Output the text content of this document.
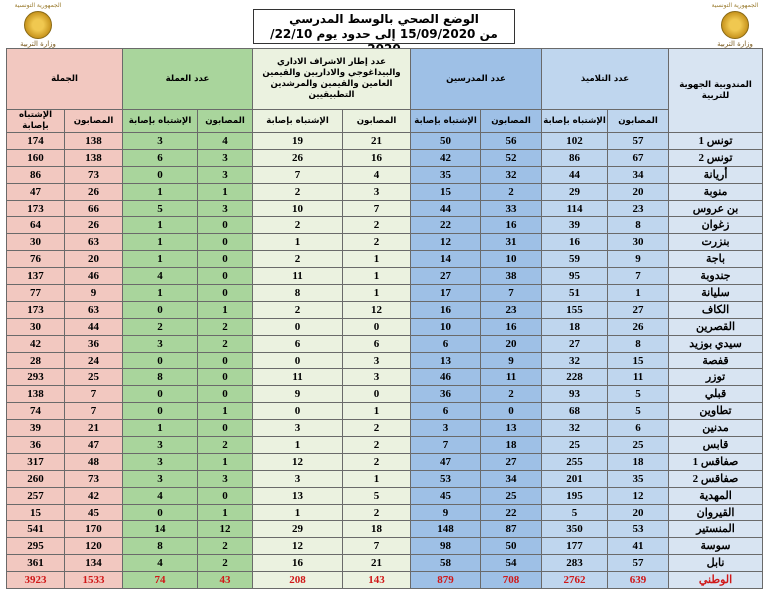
الجمهورية التونسية
وزارة التربية
الجمهورية التونسية
وزارة التربية
الوضع الصحي بالوسط المدرسي
من 15/09/2020 إلى حدود يوم 22/10/
المندوبية الجهوية للتربية	عدد التلاميذ		عدد المدرسين		عدد إطار الاشراف الاداري والبيداغوجي والاداريين والقيمين العامين والقيمين والمرشدين التطبيقيين		عدد العملة		الجملة	
	المصابون	الإشتباه بإصابة	المصابون	الإشتباه بإصابة	المصابون	الإشتباه بإصابة	المصابون	الإشتباه بإصابة	المصابون	الإشتباه بإصابة
تونس 1	57	102	56	50	21	19	4	3	138	174
تونس 2	67	86	52	42	16	26	3	6	138	160
أريانة	34	44	32	35	4	7	3	0	73	86
منوبة	20	29	2	15	3	2	1	1	26	47
بن عروس	23	114	33	44	7	10	3	5	66	173
زغوان	8	39	16	22	2	2	0	1	26	64
بنزرت	30	16	31	12	2	1	0	1	63	30
باجة	9	59	10	14	1	2	0	1	20	76
جندوبة	7	95	38	27	1	11	0	4	46	137
سليانة	1	51	7	17	1	8	0	1	9	77
الكاف	27	155	23	16	12	2	1	0	63	173
القصرين	26	18	16	10	0	0	2	2	44	30
سيدي بوزيد	8	27	20	6	6	6	2	3	36	42
قفصة	15	32	9	13	3	0	0	0	24	28
توزر	11	228	11	46	3	11	0	8	25	293
قبلي	5	93	2	36	0	9	0	0	7	138
تطاوين	5	68	0	6	1	0	1	0	7	74
مدنين	6	32	13	3	2	3	0	1	21	39
قابس	25	25	18	7	2	1	2	3	47	36
صفاقس 1	18	255	27	47	2	12	1	3	48	317
صفاقس 2	35	201	34	53	1	3	3	3	73	260
المهدية	12	195	25	45	5	13	0	4	42	257
القيروان	20	5	22	9	2	1	1	0	45	15
المنستير	53	350	87	148	18	29	12	14	170	541
سوسة	41	177	50	98	7	12	2	8	120	295
نابل	57	283	54	58	21	16	2	4	134	361
الوطني	639	2762	708	879	143	208	43	74	1533	3923
